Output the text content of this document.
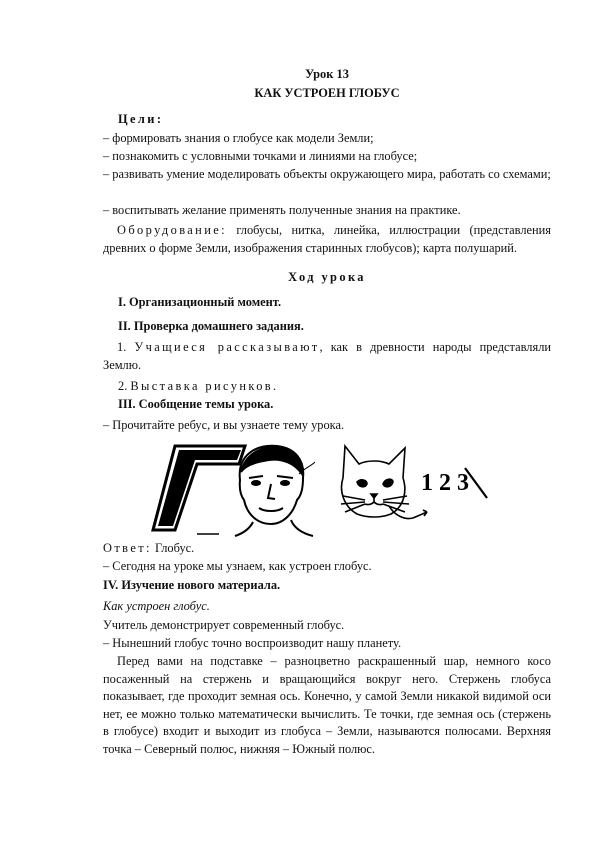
Урок 13

КАК УСТРОЕН ГЛОБУС

Цели:

– формировать знания о глобусе как модели Земли;

– познакомить с условными точками и линиями на глобусе;

– развивать умение моделировать объекты окружающего мира, работать со схемами;

– воспитывать желание применять полученные знания на практике.

Оборудование: глобусы, нитка, линейка, иллюстрации (представления древних о форме Земли, изображения старинных глобусов); карта полушарий.

Ход урока

I. Организационный момент.

II. Проверка домашнего задания.

1. Учащиеся рассказывают, как в древности народы представляли Землю.

2. Выставка рисунков.

III. Сообщение темы урока.

– Прочитайте ребус, и вы узнаете тему урока.

1 2 3

Ответ: Глобус.

– Сегодня на уроке мы узнаем, как устроен глобус.

IV. Изучение нового материала.

Как устроен глобус.

Учитель демонстрирует современный глобус.

– Нынешний глобус точно воспроизводит нашу планету.

Перед вами на подставке – разноцветно раскрашенный шар, немного косо посаженный на стержень и вращающийся вокруг него. Стержень глобуса показывает, где проходит земная ось. Конечно, у самой Земли никакой видимой оси нет, ее можно только математически вычислить. Те точки, где земная ось (стержень в глобусе) входит и выходит из глобуса – Земли, называются полюсами. Верхняя точка – Северный полюс, нижняя – Южный полюс.
